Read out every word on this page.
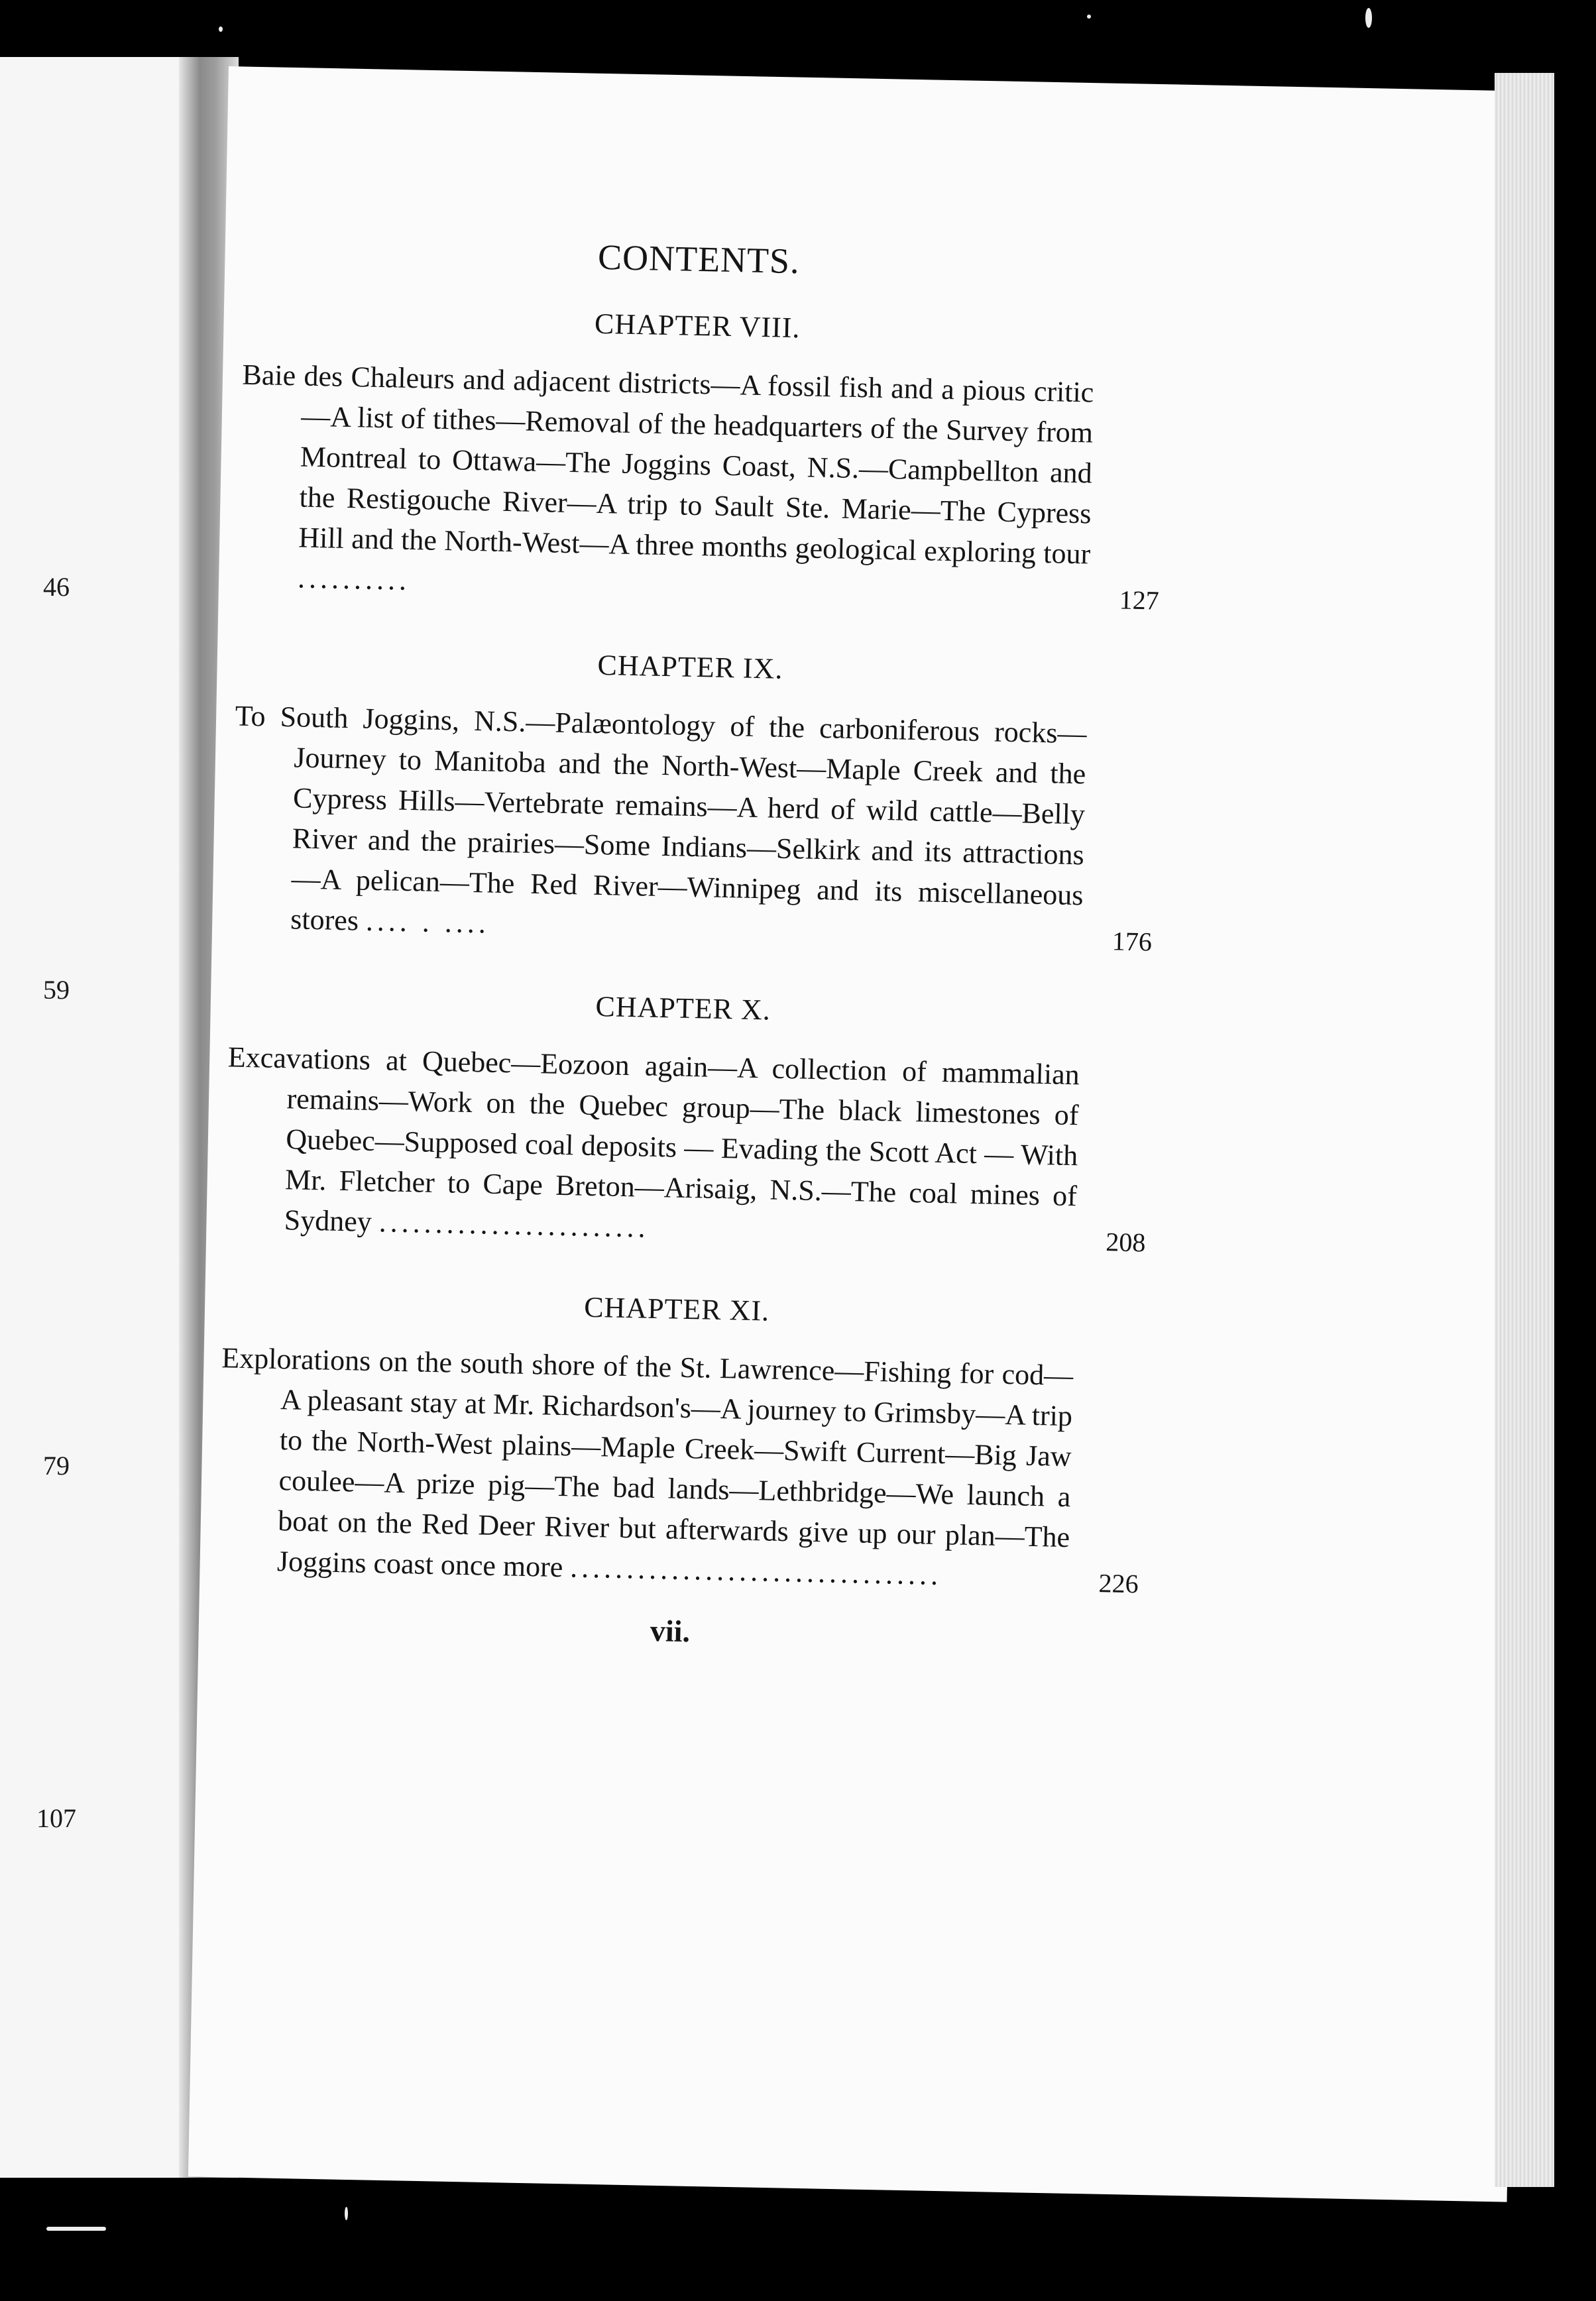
46
59
79
107
CONTENTS.
CHAPTER VIII.
Baie des Chaleurs and adjacent districts—A fossil fish and a pious critic—A list of tithes—Removal of the headquarters of the Survey from Montreal to Ottawa—The Joggins Coast, N.S.—Campbellton and the Restigouche River—A trip to Sault Ste. Marie—The Cypress Hill and the North-West—A three months geological exploring tour ..........
127
CHAPTER IX.
To South Joggins, N.S.—Palæontology of the carboniferous rocks—Journey to Manitoba and the North-West—Maple Creek and the Cypress Hills—Vertebrate remains—A herd of wild cattle—Belly River and the prairies—Some Indians—Selkirk and its attractions—A pelican—The Red River—Winnipeg and its miscellaneous stores .... . ....
176
CHAPTER X.
Excavations at Quebec—Eozoon again—A collection of mammalian remains—Work on the Quebec group—The black limestones of Quebec—Supposed coal deposits — Evading the Scott Act — With Mr. Fletcher to Cape Breton—Arisaig, N.S.—The coal mines of Sydney ........................	208
CHAPTER XI.
Explorations on the south shore of the St. Lawrence—Fishing for cod—A pleasant stay at Mr. Richardson's—A journey to Grimsby—A trip to the North-West plains—Maple Creek—Swift Current—Big Jaw coulee—A prize pig—The bad lands—Lethbridge—We launch a boat on the Red Deer River but afterwards give up our plan—The Joggins coast once more .................................	226
vii.
